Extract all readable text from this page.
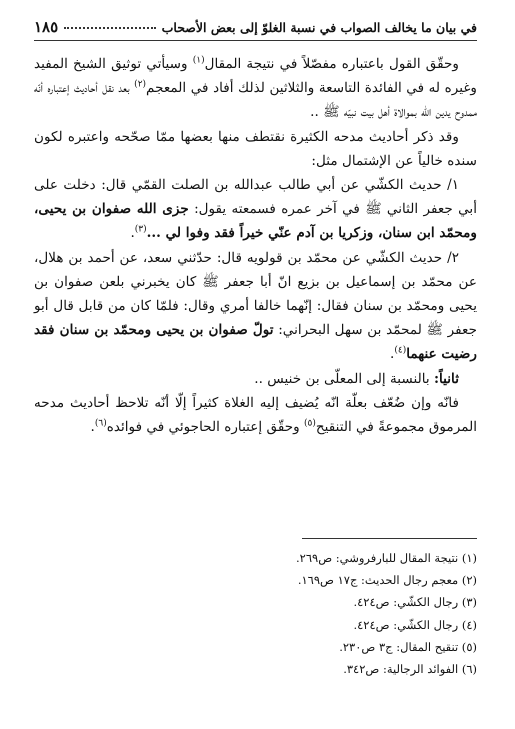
في بيان ما يخالف الصواب في نسبة الغلوّ إلى بعض الأصحاب
١٨٥

وحقّق القول باعتباره مفصّلاً في نتيجة المقال$^{(١)}$ وسيأتي توثيق الشيخ المفيد وغيره له في الفائدة التاسعة والثلاثين لذلك أفاد في المعجم$^{(٢)}$ بعد نقل أحاديث إعتباره أنّه ممدوح يدين الله بموالاة أهل بيت نبيّه ﷺ ..

وقد ذكر أحاديث مدحه الكثيرة نقتطف منها بعضها ممّا صحّحه واعتبره لكون سنده خالياً عن الإشتمال مثل:

١/ حديث الكشّي عن أبي طالب عبدالله بن الصلت القمّي قال: دخلت على أبي جعفر الثاني ﷺ في آخر عمره فسمعته يقول: جزى الله صفوان بن يحيى، ومحمّد ابن سنان، وزكريا بن آدم عنّي خيراً فقد وفوا لي ...$^{(٣)}$.

٢/ حديث الكشّي عن محمّد بن قولويه قال: حدّثني سعد، عن أحمد بن هلال، عن محمّد بن إسماعيل بن بزيع انّ أبا جعفر ﷺ كان يخبرني بلعن صفوان بن يحيى ومحمّد بن سنان فقال: إنّهما خالفا أمري وقال: فلمّا كان من قابل قال أبو جعفر ﷺ لمحمّد بن سهل البحراني: تولّ صفوان بن يحيى ومحمّد بن سنان فقد رضيت عنهما$^{(٤)}$.

ثانياً: بالنسبة إلى المعلّى بن خنيس ..

فانّه وإن ضُعّف بعلّة انّه يُضيف إليه الغلاة كثيراً إلّا أنّه تلاحظ أحاديث مدحه المرموق مجموعةً في التنقيح$^{(٥)}$ وحقّق إعتباره الحاجوئي في فوائده$^{(٦)}$.

(١) نتيجة المقال للبارفروشي: ص٢٦٩.
(٢) معجم رجال الحديث: ج١٧ ص١٦٩.
(٣) رجال الكشّي: ص٤٢٤.
(٤) رجال الكشّي: ص٤٢٤.
(٥) تنقيح المقال: ج٣ ص٢٣٠.
(٦) الفوائد الرجالية: ص٣٤٢.
